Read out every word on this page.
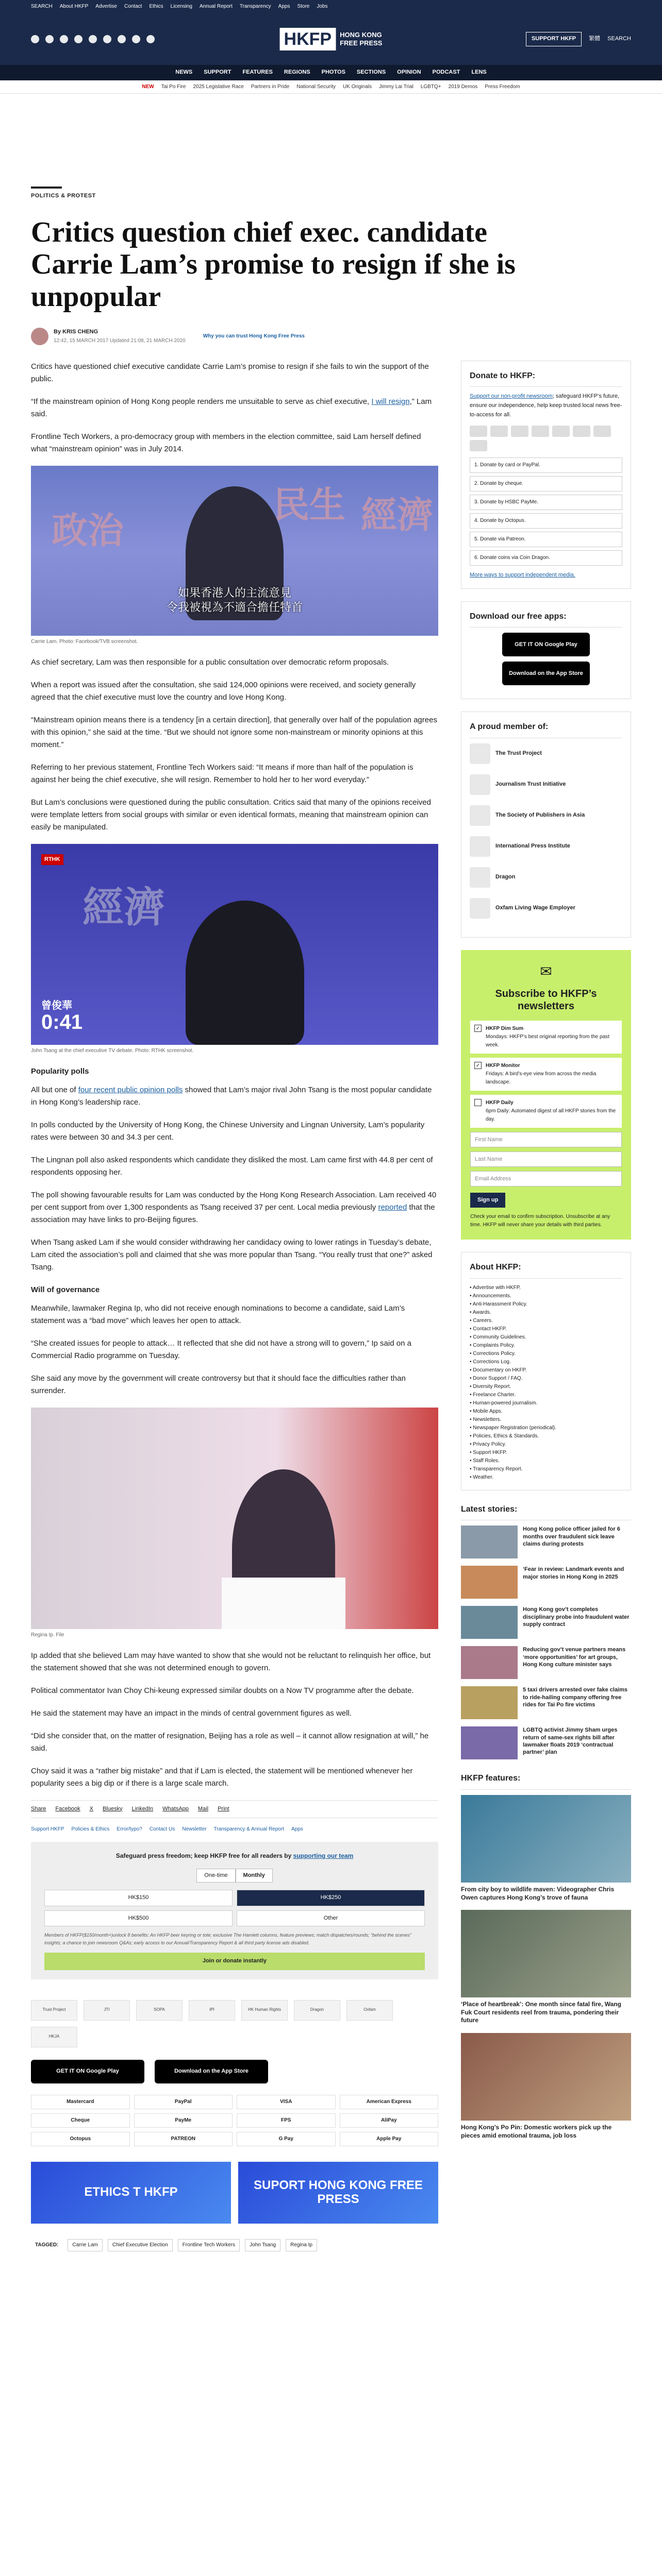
SEARCH About HKFP Advertise Contact Ethics Licensing Annual Report Transparency Apps Store Jobs
HKFP	HONG KONG
FREE PRESS
SUPPORT HKFP	繁體 SEARCH
NEWS SUPPORT FEATURES REGIONS PHOTOS SECTIONS OPINION PODCAST LENS
NEW Tai Po Fire 2025 Legislative Race Partners in Pride National Security UK Originals Jimmy Lai Trial LGBTQ+ 2019 Demos Press Freedom
POLITICS & PROTEST
Critics question chief exec. candidate Carrie Lam’s promise to resign if she is unpopular
By KRIS CHENG
12:42, 15 MARCH 2017 Updated 21:08, 21 MARCH 2020
Why you can trust Hong Kong Free Press

Critics have questioned chief executive candidate Carrie Lam’s promise to resign if she fails to win the support of the public.

“If the mainstream opinion of Hong Kong people renders me unsuitable to serve as chief executive, I will resign,” Lam said.

Frontline Tech Workers, a pro-democracy group with members in the election committee, said Lam herself defined what “mainstream opinion” was in July 2014.

政治
民生 經濟
如果香港人的主流意見
令我被視為不適合擔任特首
Carrie Lam. Photo: Facebook/TVB screenshot.

As chief secretary, Lam was then responsible for a public consultation over democratic reform proposals.

When a report was issued after the consultation, she said 124,000 opinions were received, and society generally agreed that the chief executive must love the country and love Hong Kong.

“Mainstream opinion means there is a tendency [in a certain direction], that generally over half of the population agrees with this opinion,” she said at the time. “But we should not ignore some non-mainstream or minority opinions at this moment.”

Referring to her previous statement, Frontline Tech Workers said: “It means if more than half of the population is against her being the chief executive, she will resign. Remember to hold her to her word everyday.”

But Lam’s conclusions were questioned during the public consultation. Critics said that many of the opinions received were template letters from social groups with similar or even identical formats, meaning that mainstream opinion can easily be manipulated.

RTHK
經濟
曾俊華
0:41
John Tsang at the chief executive TV debate. Photo: RTHK screenshot.
Popularity polls

All but one of four recent public opinion polls showed that Lam’s major rival John Tsang is the most popular candidate in Hong Kong’s leadership race.

In polls conducted by the University of Hong Kong, the Chinese University and Lingnan University, Lam’s popularity rates were between 30 and 34.3 per cent.

The Lingnan poll also asked respondents which candidate they disliked the most. Lam came first with 44.8 per cent of respondents opposing her.

The poll showing favourable results for Lam was conducted by the Hong Kong Research Association. Lam received 40 per cent support from over 1,300 respondents as Tsang received 37 per cent. Local media previously reported that the association may have links to pro-Beijing figures.

When Tsang asked Lam if she would consider withdrawing her candidacy owing to lower ratings in Tuesday’s debate, Lam cited the association’s poll and claimed that she was more popular than Tsang. “You really trust that one?” asked Tsang.

Will of governance

Meanwhile, lawmaker Regina Ip, who did not receive enough nominations to become a candidate, said Lam’s statement was a “bad move” which leaves her open to attack.

“She created issues for people to attack… It reflected that she did not have a strong will to govern,” Ip said on a Commercial Radio programme on Tuesday.

She said any move by the government will create controversy but that it should face the difficulties rather than surrender.

Regina Ip. File

Ip added that she believed Lam may have wanted to show that she would not be reluctant to relinquish her office, but the statement showed that she was not determined enough to govern.

Political commentator Ivan Choy Chi-keung expressed similar doubts on a Now TV programme after the debate.

He said the statement may have an impact in the minds of central government figures as well.

“Did she consider that, on the matter of resignation, Beijing has a role as well – it cannot allow resignation at will,” he said.

Choy said it was a “rather big mistake” and that if Lam is elected, the statement will be mentioned whenever her popularity sees a big dip or if there is a large scale march.

Share Facebook X Bluesky LinkedIn WhatsApp Mail Print
Support HKFP Policies & Ethics Error/typo? Contact Us Newsletter Transparency & Annual Report Apps
Safeguard press freedom; keep HKFP free for all readers by supporting our team
One-time	Monthly
HK$150	HK$250
HK$500	Other
Members of HKFP($150/month+)unlock 8 benefits: An HKFP beer keyring or tote; exclusive The Hamlett columns, feature previews; match dispatches/rounds; “behind the scenes” insights; a chance to join newsroom Q&As; early access to our Annual/Transparency Report & all third party license ads disabled.
Join or donate instantly
Trust Project	JTI	SOPA	IPI	HK Human Rights	Dragon	Oxfam
HKJA
GET IT ON Google Play	Download on the App Store
Mastercard	PayPal	VISA	American Express
Cheque	PayMe	FPS	AliPay
Octopus	PATREON	G Pay	Apple Pay
ETHICS T HKFP	SUPORT HONG KONG FREE PRESS
TAGGED:	Carrie Lam	Chief Executive Election	Frontline Tech Workers	John Tsang	Regina Ip
Donate to HKFP:
Support our non-profit newsroom; safeguard HKFP’s future, ensure our independence, help keep trusted local news free-to-access for all.
1. Donate by card or PayPal.
2. Donate by cheque.
3. Donate by HSBC PayMe.
4. Donate by Octopus.
5. Donate via Patreon.
6. Donate coins via Coin Dragon.
More ways to support independent media.
Download our free apps:
GET IT ON Google Play
Download on the App Store
A proud member of:
The Trust Project
Journalism Trust Initiative
The Society of Publishers in Asia
International Press Institute
Dragon
Oxfam Living Wage Employer
✉
Subscribe to HKFP’s newsletters
✓ HKFP Dim Sum
Mondays: HKFP’s best original reporting from the past week.
✓ HKFP Monitor
Fridays: A bird’s-eye view from across the media landscape.
HKFP Daily
6pm Daily: Automated digest of all HKFP stories from the day.
First Name
Last Name
Email Address
Sign up
Check your email to confirm subscription. Unsubscribe at any time. HKFP will never share your details with third parties.
About HKFP:
• Advertise with HKFP.
• Announcements.
• Anti-Harassment Policy.
• Awards.
• Careers.
• Contact HKFP.
• Community Guidelines.
• Complaints Policy.
• Corrections Policy.
• Corrections Log.
• Documentary on HKFP.
• Donor Support / FAQ.
• Diversity Report.
• Freelance Charter.
• Human-powered journalism.
• Mobile Apps.
• Newsletters.
• Newspaper Registration (periodical).
• Policies, Ethics & Standards.
• Privacy Policy.
• Support HKFP.
• Staff Roles.
• Transparency Report.
• Weather.
Latest stories:
Hong Kong police officer jailed for 6 months over fraudulent sick leave claims during protests
‘Fear in review: Landmark events and major stories in Hong Kong in 2025
Hong Kong gov’t completes disciplinary probe into fraudulent water supply contract
Reducing gov’t venue partners means ‘more opportunities’ for art groups, Hong Kong culture minister says
5 taxi drivers arrested over fake claims to ride-hailing company offering free rides for Tai Po fire victims
LGBTQ activist Jimmy Sham urges return of same-sex rights bill after lawmaker floats 2019 ‘contractual partner’ plan
HKFP features:
From city boy to wildlife maven: Videographer Chris Owen captures Hong Kong’s trove of fauna
‘Place of heartbreak’: One month since fatal fire, Wang Fuk Court residents reel from trauma, pondering their future
Hong Kong’s Po Pin: Domestic workers pick up the pieces amid emotional trauma, job loss
